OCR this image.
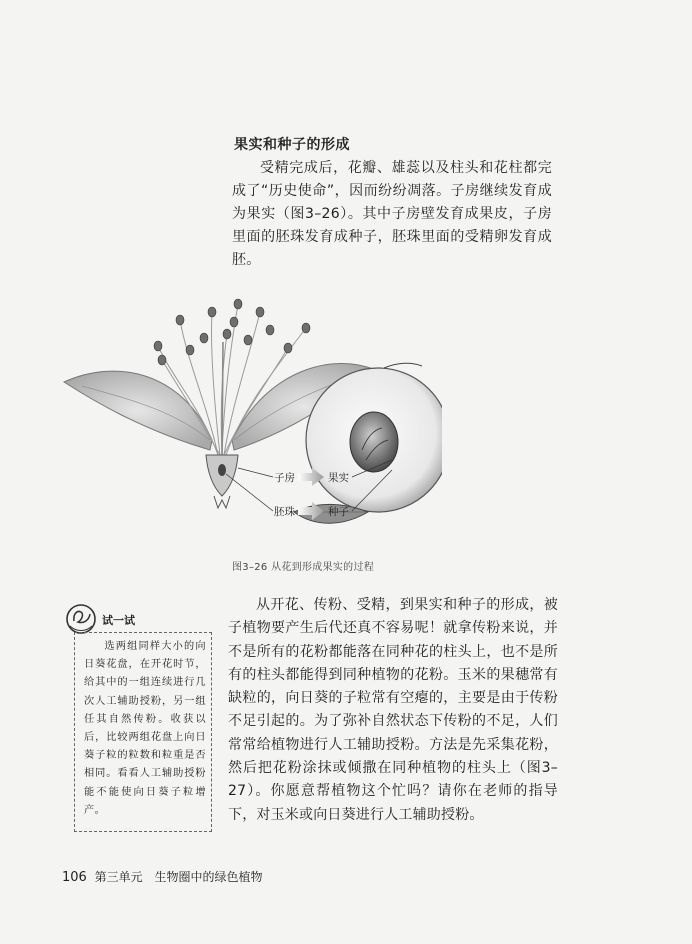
果实和种子的形成

受精完成后，花瓣、雄蕊以及柱头和花柱都完成了“历史使命”，因而纷纷凋落。子房继续发育成为果实（图3–26）。其中子房壁发育成果皮，子房里面的胚珠发育成种子，胚珠里面的受精卵发育成胚。

子房	果实
胚珠	种子
图3–26 从花到形成果实的过程
试一试

选两组同样大小的向日葵花盘，在开花时节，给其中的一组连续进行几次人工辅助授粉，另一组任其自然传粉。收获以后，比较两组花盘上向日葵子粒的粒数和粒重是否相同。看看人工辅助授粉能不能使向日葵子粒增产。

从开花、传粉、受精，到果实和种子的形成，被子植物要产生后代还真不容易呢！就拿传粉来说，并不是所有的花粉都能落在同种花的柱头上，也不是所有的柱头都能得到同种植物的花粉。玉米的果穗常有缺粒的，向日葵的子粒常有空瘪的，主要是由于传粉不足引起的。为了弥补自然状态下传粉的不足，人们常常给植物进行人工辅助授粉。方法是先采集花粉，然后把花粉涂抹或倾撒在同种植物的柱头上（图3–27）。你愿意帮植物这个忙吗？请你在老师的指导下，对玉米或向日葵进行人工辅助授粉。

106 第三单元 生物圈中的绿色植物
